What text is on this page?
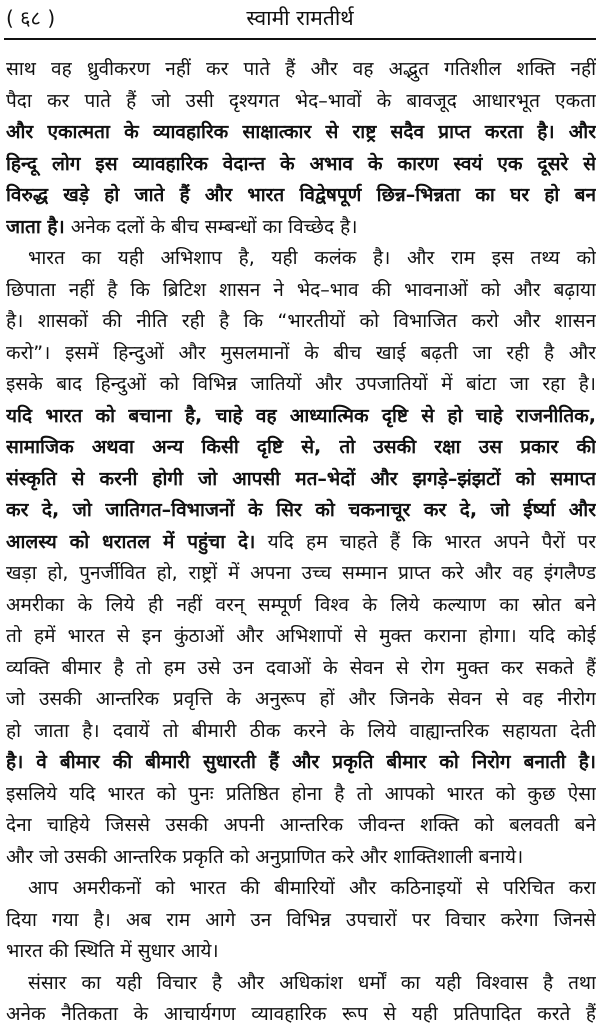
( ६८ )	स्वामी रामतीर्थ
साथ वह ध्रुवीकरण नहीं कर पाते हैं और वह अद्भुत गतिशील शक्ति नहीं
पैदा कर पाते हैं जो उसी दृश्यगत भेद–भावों के बावजूद आधारभूत एकता
और एकात्मता के व्यावहारिक साक्षात्कार से राष्ट्र सदैव प्राप्त करता है। और
हिन्दू लोग इस व्यावहारिक वेदान्त के अभाव के कारण स्वयं एक दूसरे से
विरुद्ध खड़े हो जाते हैं और भारत विद्वेषपूर्ण छिन्न–भिन्नता का घर हो बन
जाता है। अनेक दलों के बीच सम्बन्धों का विच्छेद है।
भारत का यही अभिशाप है, यही कलंक है। और राम इस तथ्य को
छिपाता नहीं है कि ब्रिटिश शासन ने भेद–भाव की भावनाओं को और बढ़ाया
है। शासकों की नीति रही है कि “भारतीयों को विभाजित करो और शासन
करो”। इसमें हिन्दुओं और मुसलमानों के बीच खाई बढ़ती जा रही है और
इसके बाद हिन्दुओं को विभिन्न जातियों और उपजातियों में बांटा जा रहा है।
यदि भारत को बचाना है, चाहे वह आध्यात्मिक दृष्टि से हो चाहे राजनीतिक,
सामाजिक अथवा अन्य किसी दृष्टि से, तो उसकी रक्षा उस प्रकार की
संस्कृति से करनी होगी जो आपसी मत–भेदों और झगड़े–झंझटों को समाप्त
कर दे, जो जातिगत–विभाजनों के सिर को चकनाचूर कर दे, जो ईर्ष्या और
आलस्य को धरातल में पहुंचा दे। यदि हम चाहते हैं कि भारत अपने पैरों पर
खड़ा हो, पुनर्जीवित हो, राष्ट्रों में अपना उच्च सम्मान प्राप्त करे और वह इंगलैण्ड
अमरीका के लिये ही नहीं वरन् सम्पूर्ण विश्व के लिये कल्याण का स्रोत बने
तो हमें भारत से इन कुंठाओं और अभिशापों से मुक्त कराना होगा। यदि कोई
व्यक्ति बीमार है तो हम उसे उन दवाओं के सेवन से रोग मुक्त कर सकते हैं
जो उसकी आन्तरिक प्रवृत्ति के अनुरूप हों और जिनके सेवन से वह नीरोग
हो जाता है। दवायें तो बीमारी ठीक करने के लिये वाह्यान्तरिक सहायता देती
है। वे बीमार की बीमारी सुधारती हैं और प्रकृति बीमार को निरोग बनाती है।
इसलिये यदि भारत को पुनः प्रतिष्ठित होना है तो आपको भारत को कुछ ऐसा
देना चाहिये जिससे उसकी अपनी आन्तरिक जीवन्त शक्ति को बलवती बने
और जो उसकी आन्तरिक प्रकृति को अनुप्राणित करे और शाक्तिशाली बनाये।
आप अमरीकनों को भारत की बीमारियों और कठिनाइयों से परिचित करा
दिया गया है। अब राम आगे उन विभिन्न उपचारों पर विचार करेगा जिनसे
भारत की स्थिति में सुधार आये।
संसार का यही विचार है और अधिकांश धर्मों का यही विश्वास है तथा
अनेक नैतिकता के आचार्यगण व्यावहारिक रूप से यही प्रतिपादित करते हैं
